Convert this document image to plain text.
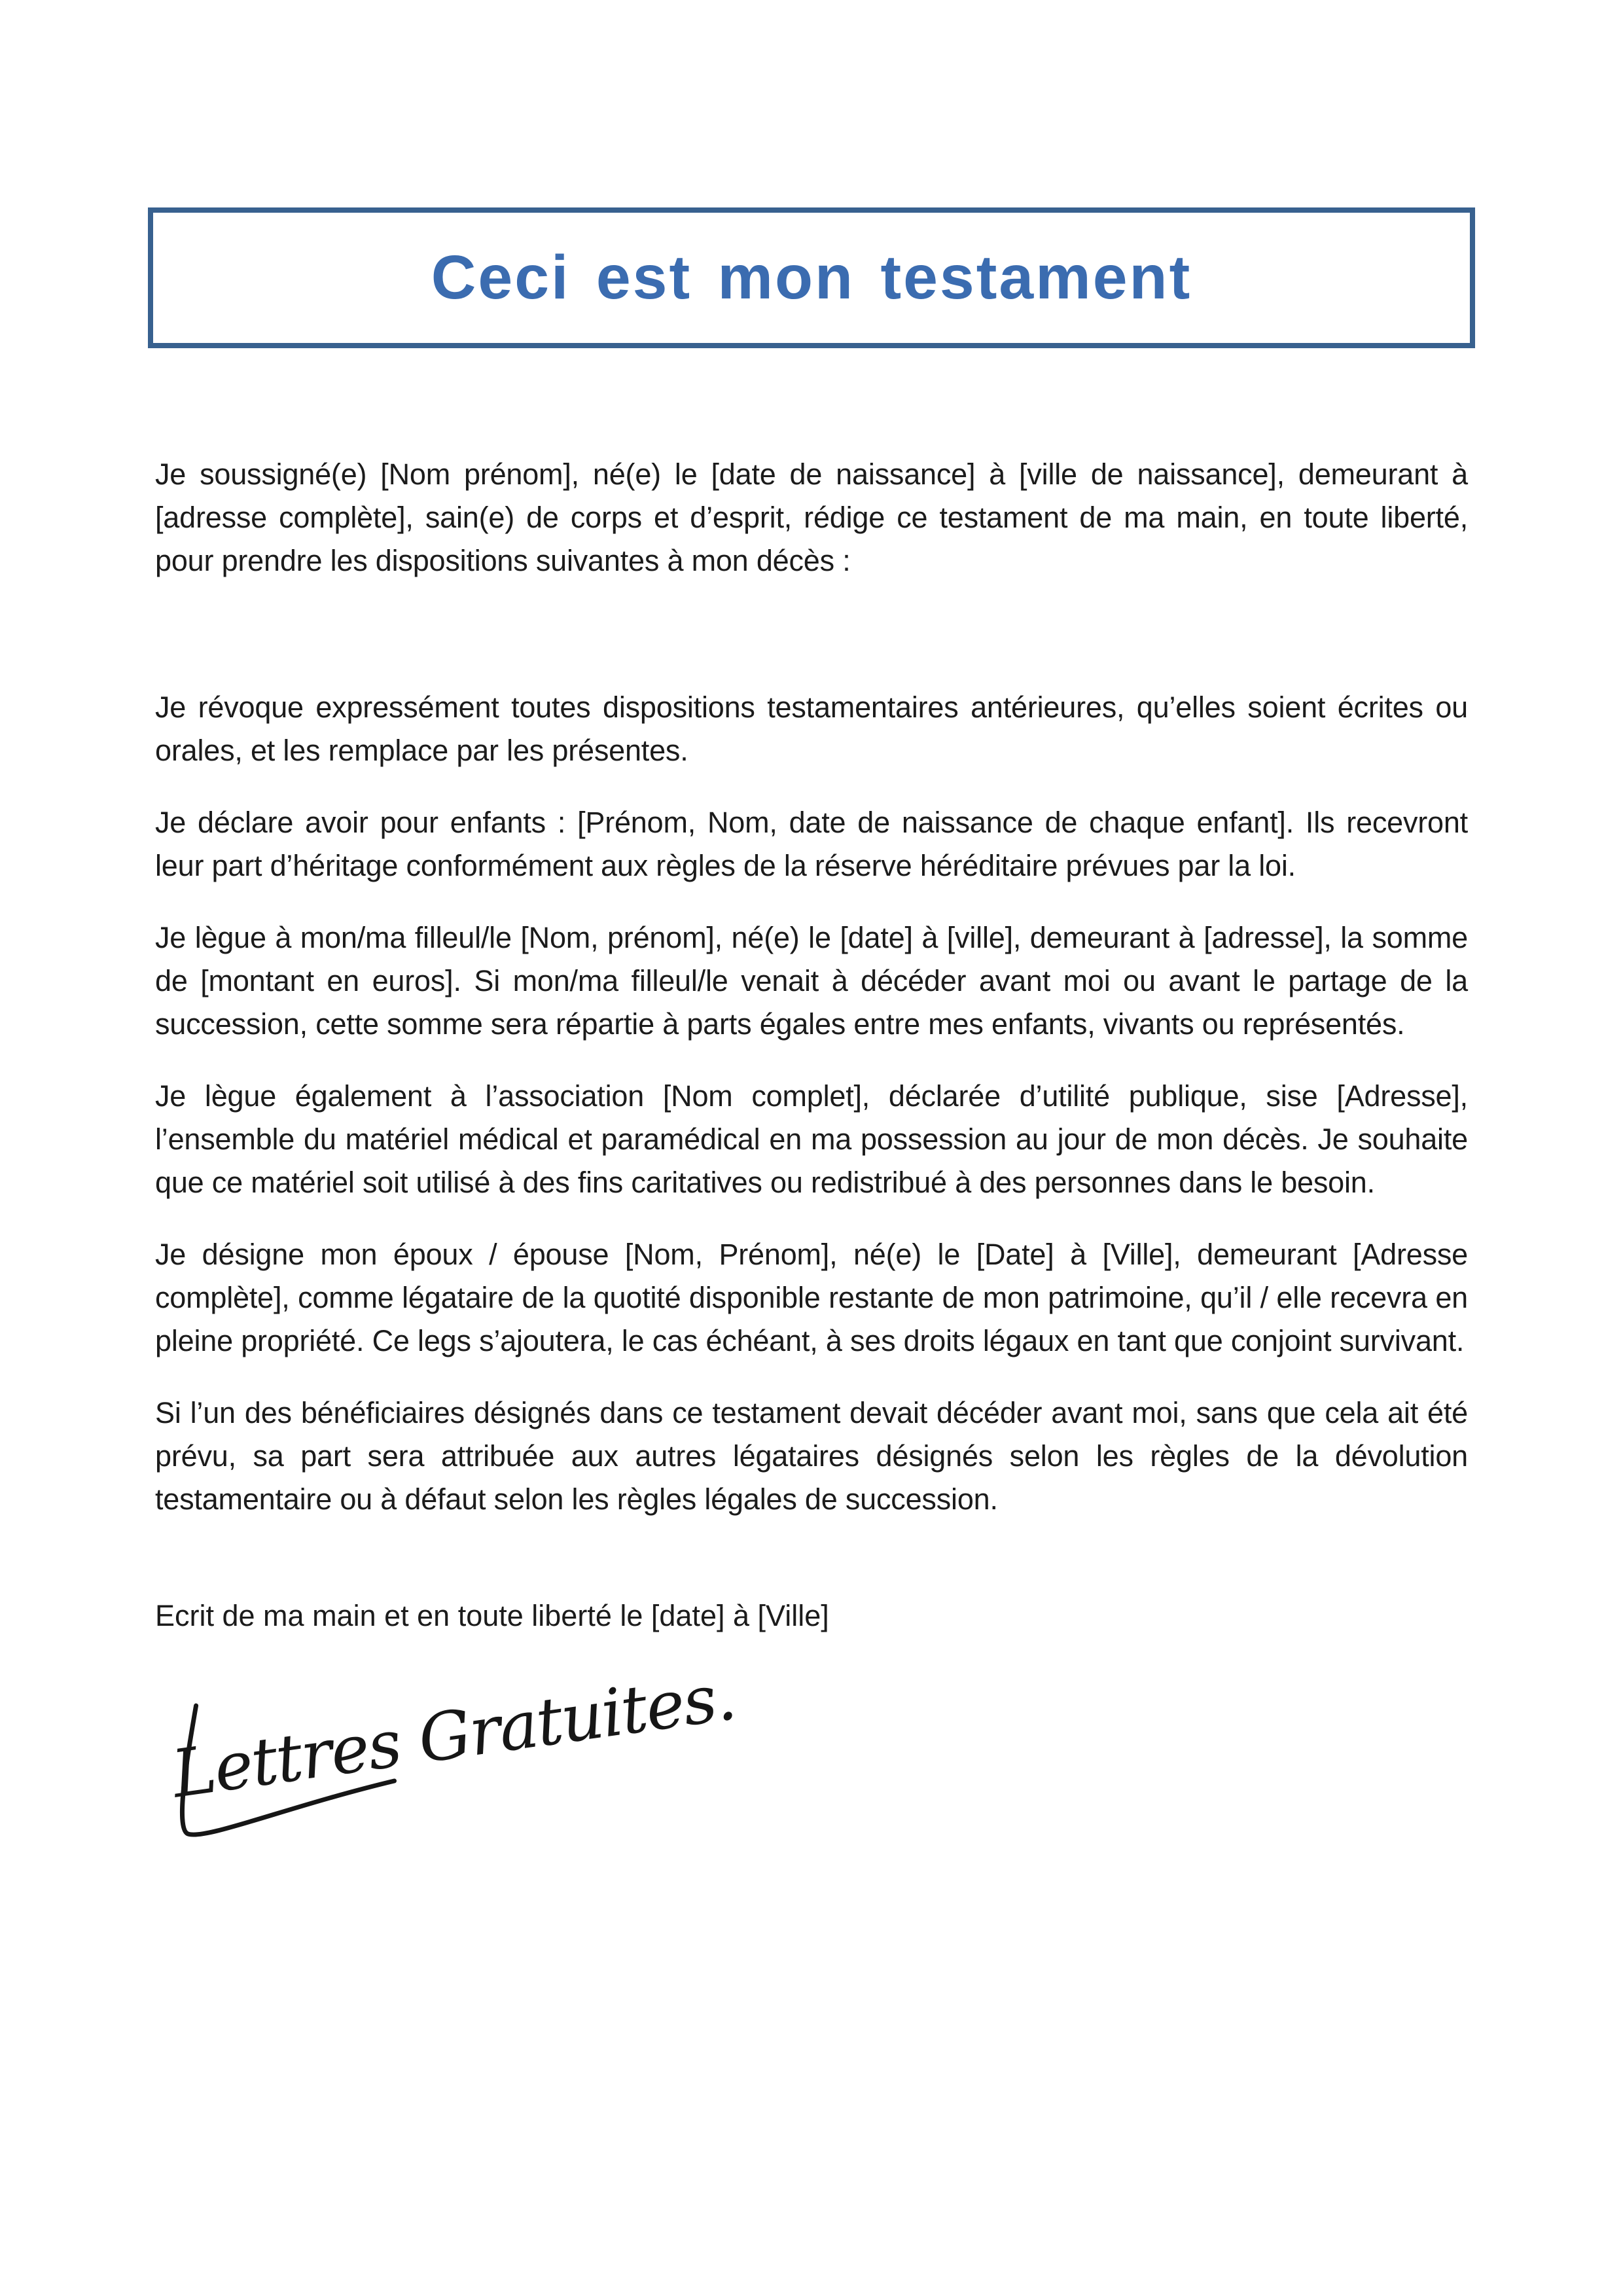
Ceci est mon testament

Je soussigné(e) [Nom prénom], né(e) le [date de naissance] à [ville de naissance], demeurant à [adresse complète], sain(e) de corps et d’esprit, rédige ce testament de ma main, en toute liberté, pour prendre les dispositions suivantes à mon décès :

Je révoque expressément toutes dispositions testamentaires antérieures, qu’elles soient écrites ou orales, et les remplace par les présentes.

Je déclare avoir pour enfants : [Prénom, Nom, date de naissance de chaque enfant]. Ils recevront leur part d’héritage conformément aux règles de la réserve héréditaire prévues par la loi.

Je lègue à mon/ma filleul/le [Nom, prénom], né(e) le [date] à [ville], demeurant à [adresse], la somme de [montant en euros]. Si mon/ma filleul/le venait à décéder avant moi ou avant le partage de la succession, cette somme sera répartie à parts égales entre mes enfants, vivants ou représentés.

Je lègue également à l’association [Nom complet], déclarée d’utilité publique, sise [Adresse], l’ensemble du matériel médical et paramédical en ma possession au jour de mon décès. Je souhaite que ce matériel soit utilisé à des fins caritatives ou redistribué à des personnes dans le besoin.

Je désigne mon époux / épouse [Nom, Prénom], né(e) le [Date] à [Ville], demeurant [Adresse complète], comme légataire de la quotité disponible restante de mon patrimoine, qu’il / elle recevra en pleine propriété. Ce legs s’ajoutera, le cas échéant, à ses droits légaux en tant que conjoint survivant.

Si l’un des bénéficiaires désignés dans ce testament devait décéder avant moi, sans que cela ait été prévu, sa part sera attribuée aux autres légataires désignés selon les règles de la dévolution testamentaire ou à défaut selon les règles légales de succession.

Ecrit de ma main et en toute liberté le [date] à [Ville]

Lettres Gratuites.
